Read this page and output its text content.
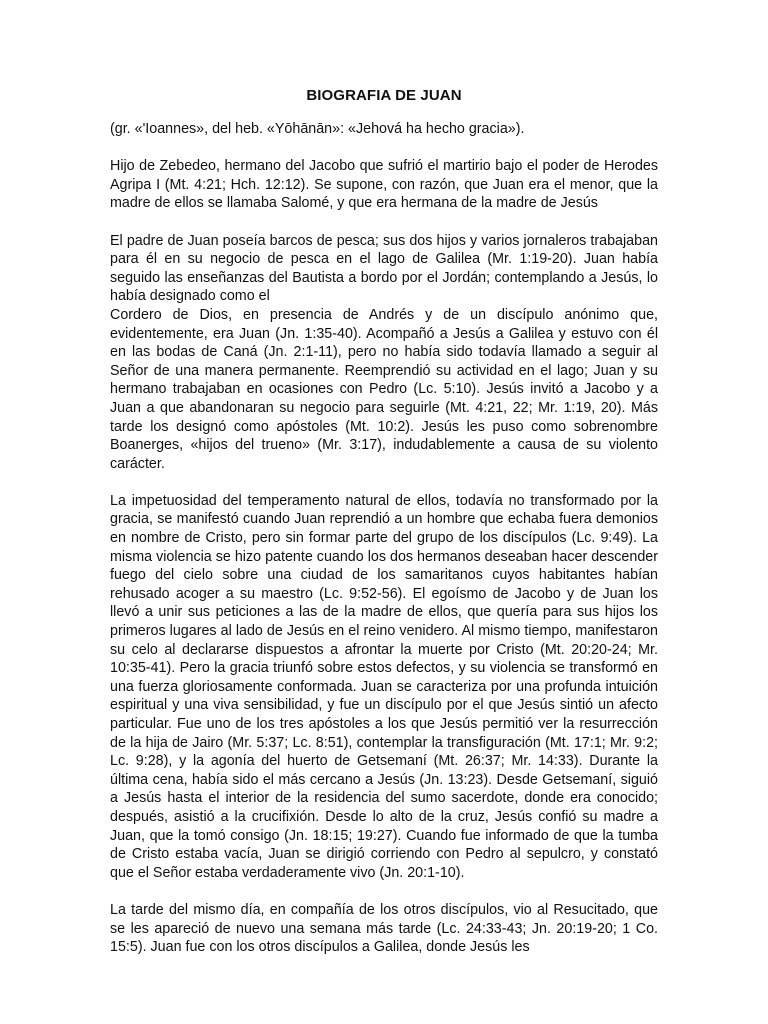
BIOGRAFIA DE JUAN
(gr. «'Ioannes», del heb. «Yōhānān»: «Jehová ha hecho gracia»).
Hijo de Zebedeo, hermano del Jacobo que sufrió el martirio bajo el poder de Herodes Agripa I (Mt. 4:21; Hch. 12:12). Se supone, con razón, que Juan era el menor, que la madre de ellos se llamaba Salomé, y que era hermana de la madre de Jesús
El padre de Juan poseía barcos de pesca; sus dos hijos y varios jornaleros trabajaban para él en su negocio de pesca en el lago de Galilea (Mr. 1:19-20). Juan había seguido las enseñanzas del Bautista a bordo por el Jordán; contemplando a Jesús, lo había designado como el
Cordero de Dios, en presencia de Andrés y de un discípulo anónimo que, evidentemente, era Juan (Jn. 1:35-40). Acompañó a Jesús a Galilea y estuvo con él en las bodas de Caná (Jn. 2:1-11), pero no había sido todavía llamado a seguir al Señor de una manera permanente. Reemprendió su actividad en el lago; Juan y su hermano trabajaban en ocasiones con Pedro (Lc. 5:10). Jesús invitó a Jacobo y a Juan a que abandonaran su negocio para seguirle (Mt. 4:21, 22; Mr. 1:19, 20). Más tarde los designó como apóstoles (Mt. 10:2). Jesús les puso como sobrenombre Boanerges, «hijos del trueno» (Mr. 3:17), indudablemente a causa de su violento carácter.
La impetuosidad del temperamento natural de ellos, todavía no transformado por la gracia, se manifestó cuando Juan reprendió a un hombre que echaba fuera demonios en nombre de Cristo, pero sin formar parte del grupo de los discípulos (Lc. 9:49). La misma violencia se hizo patente cuando los dos hermanos deseaban hacer descender fuego del cielo sobre una ciudad de los samaritanos cuyos habitantes habían rehusado acoger a su maestro (Lc. 9:52-56). El egoísmo de Jacobo y de Juan los llevó a unir sus peticiones a las de la madre de ellos, que quería para sus hijos los primeros lugares al lado de Jesús en el reino venidero. Al mismo tiempo, manifestaron su celo al declararse dispuestos a afrontar la muerte por Cristo (Mt. 20:20-24; Mr. 10:35-41). Pero la gracia triunfó sobre estos defectos, y su violencia se transformó en una fuerza gloriosamente conformada. Juan se caracteriza por una profunda intuición espiritual y una viva sensibilidad, y fue un discípulo por el que Jesús sintió un afecto particular. Fue uno de los tres apóstoles a los que Jesús permitió ver la resurrección de la hija de Jairo (Mr. 5:37; Lc. 8:51), contemplar la transfiguración (Mt. 17:1; Mr. 9:2; Lc. 9:28), y la agonía del huerto de Getsemaní (Mt. 26:37; Mr. 14:33). Durante la última cena, había sido el más cercano a Jesús (Jn. 13:23). Desde Getsemaní, siguió a Jesús hasta el interior de la residencia del sumo sacerdote, donde era conocido; después, asistió a la crucifixión. Desde lo alto de la cruz, Jesús confió su madre a Juan, que la tomó consigo (Jn. 18:15; 19:27). Cuando fue informado de que la tumba de Cristo estaba vacía, Juan se dirigió corriendo con Pedro al sepulcro, y constató que el Señor estaba verdaderamente vivo (Jn. 20:1-10).
La tarde del mismo día, en compañía de los otros discípulos, vio al Resucitado, que se les apareció de nuevo una semana más tarde (Lc. 24:33-43; Jn. 20:19-20; 1 Co. 15:5). Juan fue con los otros discípulos a Galilea, donde Jesús les
